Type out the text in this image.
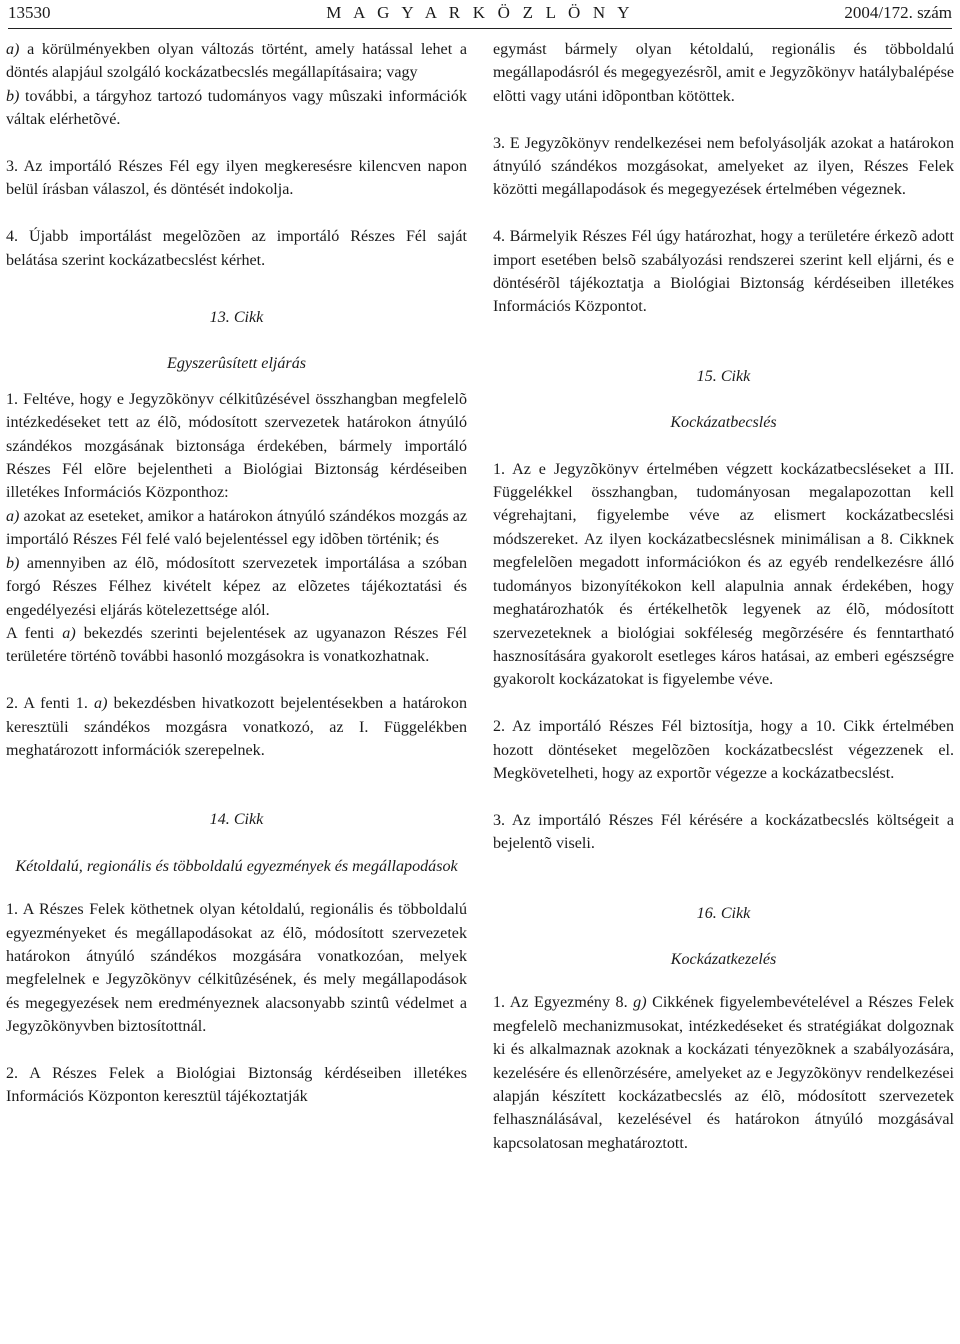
13530	M A G Y A R K Ö Z L Ö N Y	2004/172. szám

a) a körülményekben olyan változás történt, amely hatással lehet a döntés alapjául szolgáló kockázatbecslés megállapításaira; vagy

b) további, a tárgyhoz tartozó tudományos vagy mûszaki információk váltak elérhetõvé.

3. Az importáló Részes Fél egy ilyen megkeresésre kilencven napon belül írásban válaszol, és döntését indokolja.

4. Újabb importálást megelõzõen az importáló Részes Fél saját belátása szerint kockázatbecslést kérhet.

13. Cikk

Egyszerûsített eljárás

1. Feltéve, hogy e Jegyzõkönyv célkitûzésével összhangban megfelelõ intézkedéseket tett az élõ, módosított szervezetek határokon átnyúló szándékos mozgásának biztonsága érdekében, bármely importáló Részes Fél elõre bejelentheti a Biológiai Biztonság kérdéseiben illetékes Információs Központhoz:

a) azokat az eseteket, amikor a határokon átnyúló szándékos mozgás az importáló Részes Fél felé való bejelentéssel egy idõben történik; és

b) amennyiben az élõ, módosított szervezetek importálása a szóban forgó Részes Félhez kivételt képez az elõzetes tájékoztatási és engedélyezési eljárás kötelezettsége alól.

A fenti a) bekezdés szerinti bejelentések az ugyanazon Részes Fél területére történõ további hasonló mozgásokra is vonatkozhatnak.

2. A fenti 1. a) bekezdésben hivatkozott bejelentésekben a határokon keresztüli szándékos mozgásra vonatkozó, az I. Függelékben meghatározott információk szerepelnek.

14. Cikk

Kétoldalú, regionális és többoldalú egyezmények és megállapodások

1. A Részes Felek köthetnek olyan kétoldalú, regionális és többoldalú egyezményeket és megállapodásokat az élõ, módosított szervezetek határokon átnyúló szándékos mozgására vonatkozóan, melyek megfelelnek e Jegyzõkönyv célkitûzésének, és mely megállapodások és megegyezések nem eredményeznek alacsonyabb szintû védelmet a Jegyzõkönyvben biztosítottnál.

2. A Részes Felek a Biológiai Biztonság kérdéseiben illetékes Információs Központon keresztül tájékoztatják

egymást bármely olyan kétoldalú, regionális és többoldalú megállapodásról és megegyezésrõl, amit e Jegyzõkönyv hatálybalépése elõtti vagy utáni idõpontban kötöttek.

3. E Jegyzõkönyv rendelkezései nem befolyásolják azokat a határokon átnyúló szándékos mozgásokat, amelyeket az ilyen, Részes Felek közötti megállapodások és megegyezések értelmében végeznek.

4. Bármelyik Részes Fél úgy határozhat, hogy a területére érkezõ adott import esetében belsõ szabályozási rendszerei szerint kell eljárni, és e döntésérõl tájékoztatja a Biológiai Biztonság kérdéseiben illetékes Információs Központot.

15. Cikk

Kockázatbecslés

1. Az e Jegyzõkönyv értelmében végzett kockázatbecsléseket a III. Függelékkel összhangban, tudományosan megalapozottan kell végrehajtani, figyelembe véve az elismert kockázatbecslési módszereket. Az ilyen kockázatbecslésnek minimálisan a 8. Cikknek megfelelõen megadott információkon és az egyéb rendelkezésre álló tudományos bizonyítékokon kell alapulnia annak érdekében, hogy meghatározhatók és értékelhetõk legyenek az élõ, módosított szervezeteknek a biológiai sokféleség megõrzésére és fenntartható hasznosítására gyakorolt esetleges káros hatásai, az emberi egészségre gyakorolt kockázatokat is figyelembe véve.

2. Az importáló Részes Fél biztosítja, hogy a 10. Cikk értelmében hozott döntéseket megelõzõen kockázatbecslést végezzenek el. Megkövetelheti, hogy az exportõr végezze a kockázatbecslést.

3. Az importáló Részes Fél kérésére a kockázatbecslés költségeit a bejelentõ viseli.

16. Cikk

Kockázatkezelés

1. Az Egyezmény 8. g) Cikkének figyelembevételével a Részes Felek megfelelõ mechanizmusokat, intézkedéseket és stratégiákat dolgoznak ki és alkalmaznak azoknak a kockázati tényezõknek a szabályozására, kezelésére és ellenõrzésére, amelyeket az e Jegyzõkönyv rendelkezései alapján készített kockázatbecslés az élõ, módosított szervezetek felhasználásával, kezelésével és határokon átnyúló mozgásával kapcsolatosan meghatároztott.
